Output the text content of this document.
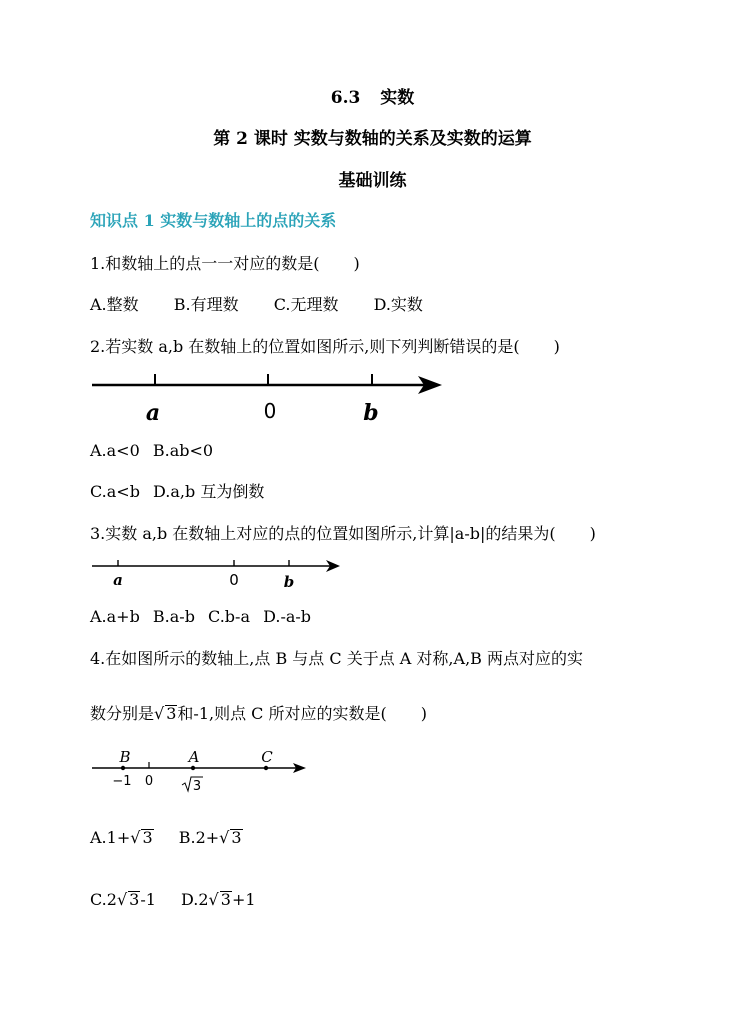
6.3 实数
第 2 课时 实数与数轴的关系及实数的运算
基础训练
知识点 1 实数与数轴上的点的关系
1.和数轴上的点一一对应的数是( )
A.整数 B.有理数 C.无理数 D.实数
2.若实数 a,b 在数轴上的位置如图所示,则下列判断错误的是( )
a	0	b
A.a<0 B.ab<0
C.a<b D.a,b 互为倒数
3.实数 a,b 在数轴上对应的点的位置如图所示,计算|a-b|的结果为( )
a	0	b
A.a+b B.a-b C.b-a D.-a-b
4.在如图所示的数轴上,点 B 与点 C 关于点 A 对称,A,B 两点对应的实
数分别是√ 3和-1,则点 C 所对应的实数是( )
B	A	C
−1 0	3
A.1+√ 3 B.2+√ 3
C.2√ 3-1 D.2√ 3+1
